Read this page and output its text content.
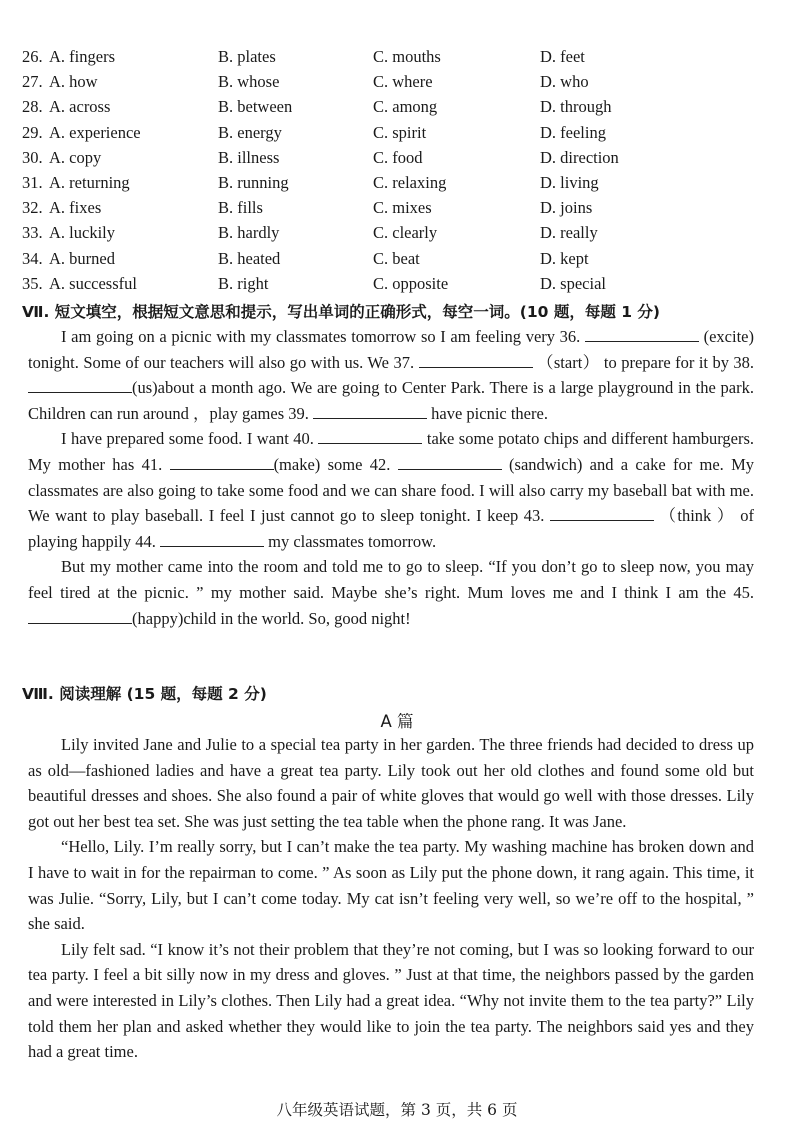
26. A. fingers	B. plates	C. mouths	D. feet
27. A. how	B. whose	C. where	D. who
28. A. across	B. between	C. among	D. through
29. A. experience	B. energy	C. spirit	D. feeling
30. A. copy	B. illness	C. food	D. direction
31. A. returning	B. running	C. relaxing	D. living
32. A. fixes	B. fills	C. mixes	D. joins
33. A. luckily	B. hardly	C. clearly	D. really
34. A. burned	B. heated	C. beat	D. kept
35. A. successful	B. right	C. opposite	D. special
Ⅶ. 短文填空，根据短文意思和提示，写出单词的正确形式，每空一词。(10 题，每题 1 分)

I am going on a picnic with my classmates tomorrow so I am feeling very 36.	(excite) tonight. Some of our teachers will also go with us. We 37.	（start） to prepare for it by 38. (us)about a month ago. We are going to Center Park. There is a large playground in the park. Children can run around ，play games 39.	have picnic there.

I have prepared some food. I want 40.	take some potato chips and different hamburgers. My mother has 41.	(make) some 42.	(sandwich) and a cake for me. My classmates are also going to take some food and we can share food. I will also carry my baseball bat with me. We want to play baseball. I feel I just cannot go to sleep tonight. I keep 43.	（think ） of playing happily 44.	my classmates tomorrow.

But my mother came into the room and told me to go to sleep. “If you don’t go to sleep now, you may feel tired at the picnic. ” my mother said. Maybe she’s right. Mum loves me and I think I am the 45. (happy)child in the world. So, good night!

Ⅷ. 阅读理解 (15 题，每题 2 分)
A 篇

Lily invited Jane and Julie to a special tea party in her garden. The three friends had decided to dress up as old—fashioned ladies and have a great tea party. Lily took out her old clothes and found some old but beautiful dresses and shoes. She also found a pair of white gloves that would go well with those dresses. Lily got out her best tea set. She was just setting the tea table when the phone rang. It was Jane.

“Hello, Lily. I’m really sorry, but I can’t make the tea party. My washing machine has broken down and I have to wait in for the repairman to come. ” As soon as Lily put the phone down, it rang again. This time, it was Julie. “Sorry, Lily, but I can’t come today. My cat isn’t feeling very well, so we’re off to the hospital, ” she said.

Lily felt sad. “I know it’s not their problem that they’re not coming, but I was so looking forward to our tea party. I feel a bit silly now in my dress and gloves. ” Just at that time, the neighbors passed by the garden and were interested in Lily’s clothes. Then Lily had a great idea. “Why not invite them to the tea party?” Lily told them her plan and asked whether they would like to join the tea party. The neighbors said yes and they had a great time.

八年级英语试题，第 3 页，共 6 页
